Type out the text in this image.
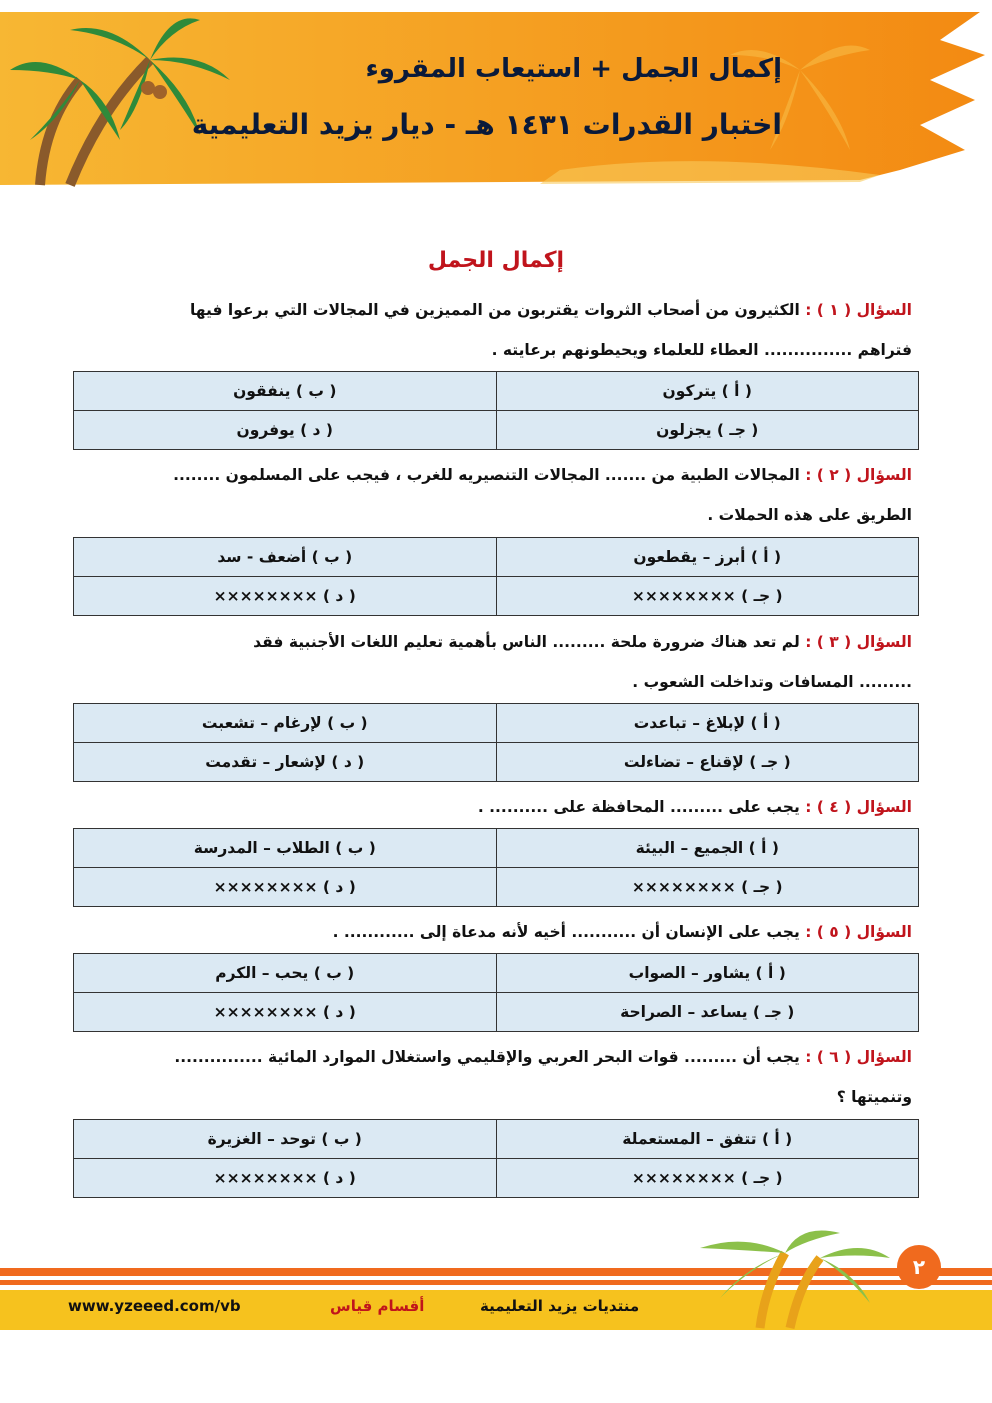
إكمال الجمل + استيعاب المقروء
اختبار القدرات ١٤٣١ هـ - ديار يزيد التعليمية
إكمال الجمل
السؤال ( ١ ) : الكثيرون من أصحاب الثروات يقتربون من المميزين في المجالات التي برعوا فيها
فتراهم ............... العطاء للعلماء ويحيطونهم برعايته .
( أ ) يتركون	( ب ) ينفقون
( جـ ) يجزلون	( د ) يوفرون
السؤال ( ٢ ) : المجالات الطبية من ....... المجالات التنصيريه للغرب ، فيجب على المسلمون ........
الطريق على هذه الحملات .
( أ ) أبرز – يقطعون	( ب ) أضعف - سد
( جـ ) ××××××××	( د ) ××××××××
السؤال ( ٣ ) : لم تعد هناك ضرورة ملحة ......... الناس بأهمية تعليم اللغات الأجنبية فقد
......... المسافات وتداخلت الشعوب .
( أ ) لإبلاغ – تباعدت	( ب ) لإرغام – تشعبت
( جـ ) لإقناع – تضاءلت	( د ) لإشعار – تقدمت
السؤال ( ٤ ) : يجب على ......... المحافظة على .......... .
( أ ) الجميع – البيئة	( ب ) الطلاب – المدرسة
( جـ ) ××××××××	( د ) ××××××××
السؤال ( ٥ ) : يجب على الإنسان أن ........... أخيه لأنه مدعاة إلى ............ .
( أ ) يشاور – الصواب	( ب ) يحب – الكرم
( جـ ) يساعد – الصراحة	( د ) ××××××××
السؤال ( ٦ ) : يجب أن ......... قوات البحر العربي والإقليمي واستغلال الموارد المائية ...............
وتنميتها ؟
( أ ) تتفق – المستعملة	( ب ) توحد – الغزيرة
( جـ ) ××××××××	( د ) ××××××××
٢
www.yzeeed.com/vb	أقسام قياس	منتديات يزيد التعليمية
